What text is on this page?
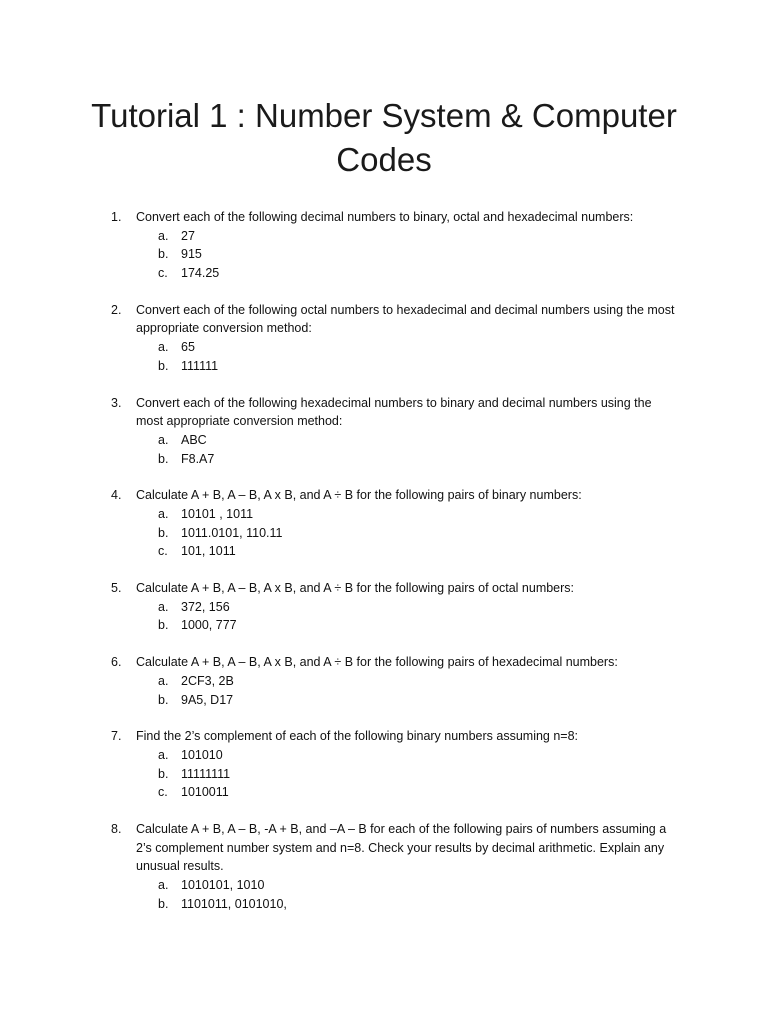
Tutorial 1 : Number System & Computer Codes
1. Convert each of the following decimal numbers to binary, octal and hexadecimal numbers:
a. 27
b. 915
c. 174.25
2. Convert each of the following octal numbers to hexadecimal and decimal numbers using the most appropriate conversion method:
a. 65
b. 111111
3. Convert each of the following hexadecimal numbers to binary and decimal numbers using the most appropriate conversion method:
a. ABC
b. F8.A7
4. Calculate A + B, A – B, A x B, and A ÷ B for the following pairs of binary numbers:
a. 10101 , 1011
b. 1011.0101, 110.11
c. 101, 1011
5. Calculate A + B, A – B, A x B, and A ÷ B for the following pairs of octal numbers:
a. 372, 156
b. 1000, 777
6. Calculate A + B, A – B, A x B, and A ÷ B for the following pairs of hexadecimal numbers:
a. 2CF3, 2B
b. 9A5, D17
7. Find the 2’s complement of each of the following binary numbers assuming n=8:
a. 101010
b. 11111111
c. 1010011
8. Calculate A + B, A – B, -A + B, and –A – B for each of the following pairs of numbers assuming a 2’s complement number system and n=8. Check your results by decimal arithmetic. Explain any unusual results.
a. 1010101, 1010
b. 1101011, 0101010,
